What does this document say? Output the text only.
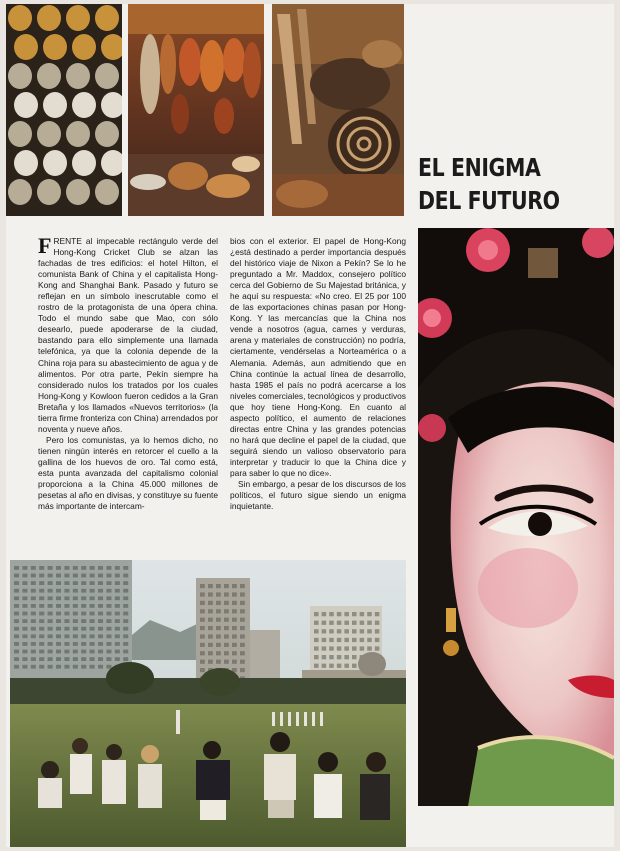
EL ENIGMA
DEL FUTURO

FRENTE al impecable rectángulo verde del Hong-Kong Cricket Club se alzan las fachadas de tres edificios: el hotel Hilton, el comunista Bank of China y el capitalista Hong-Kong and Shanghai Bank. Pasado y futuro se reflejan en un símbolo inescrutable como el rostro de la protagonista de una ópera china. Todo el mundo sabe que Mao, con sólo desearlo, puede apoderarse de la ciudad, bastando para ello simplemente una llamada telefónica, ya que la colonia depende de la China roja para su abastecimiento de agua y de alimentos. Por otra parte, Pekín siempre ha considerado nulos los tratados por los cuales Hong-Kong y Kowloon fueron cedidos a la Gran Bretaña y los llamados «Nuevos territorios» (la tierra firme fronteriza con China) arrendados por noventa y nueve años.

Pero los comunistas, ya lo hemos dicho, no tienen ningún interés en retorcer el cuello a la gallina de los huevos de oro. Tal como está, esta punta avanzada del capitalismo colonial proporciona a la China 45.000 millones de pesetas al año en divisas, y constituye su fuente más importante de intercam-

bios con el exterior. El papel de Hong-Kong ¿está destinado a perder importancia después del histórico viaje de Nixon a Pekín? Se lo he preguntado a Mr. Maddox, consejero político cerca del Gobierno de Su Majestad británica, y he aquí su respuesta: «No creo. El 25 por 100 de las exportaciones chinas pasan por Hong-Kong. Y las mercancías que la China nos vende a nosotros (agua, carnes y verduras, arena y materiales de construcción) no podría, ciertamente, vendérselas a Norteamérica o a Alemania. Además, aun admitiendo que en China continúe la actual línea de desarrollo, hasta 1985 el país no podrá acercarse a los niveles comerciales, tecnológicos y productivos que hoy tiene Hong-Kong. En cuanto al aspecto político, el aumento de relaciones directas entre China y las grandes potencias no hará que decline el papel de la ciudad, que seguirá siendo un valioso observatorio para interpretar y traducir lo que la China dice y para saber lo que no dice».

Sin embargo, a pesar de los discursos de los políticos, el futuro sigue siendo un enigma inquietante.
